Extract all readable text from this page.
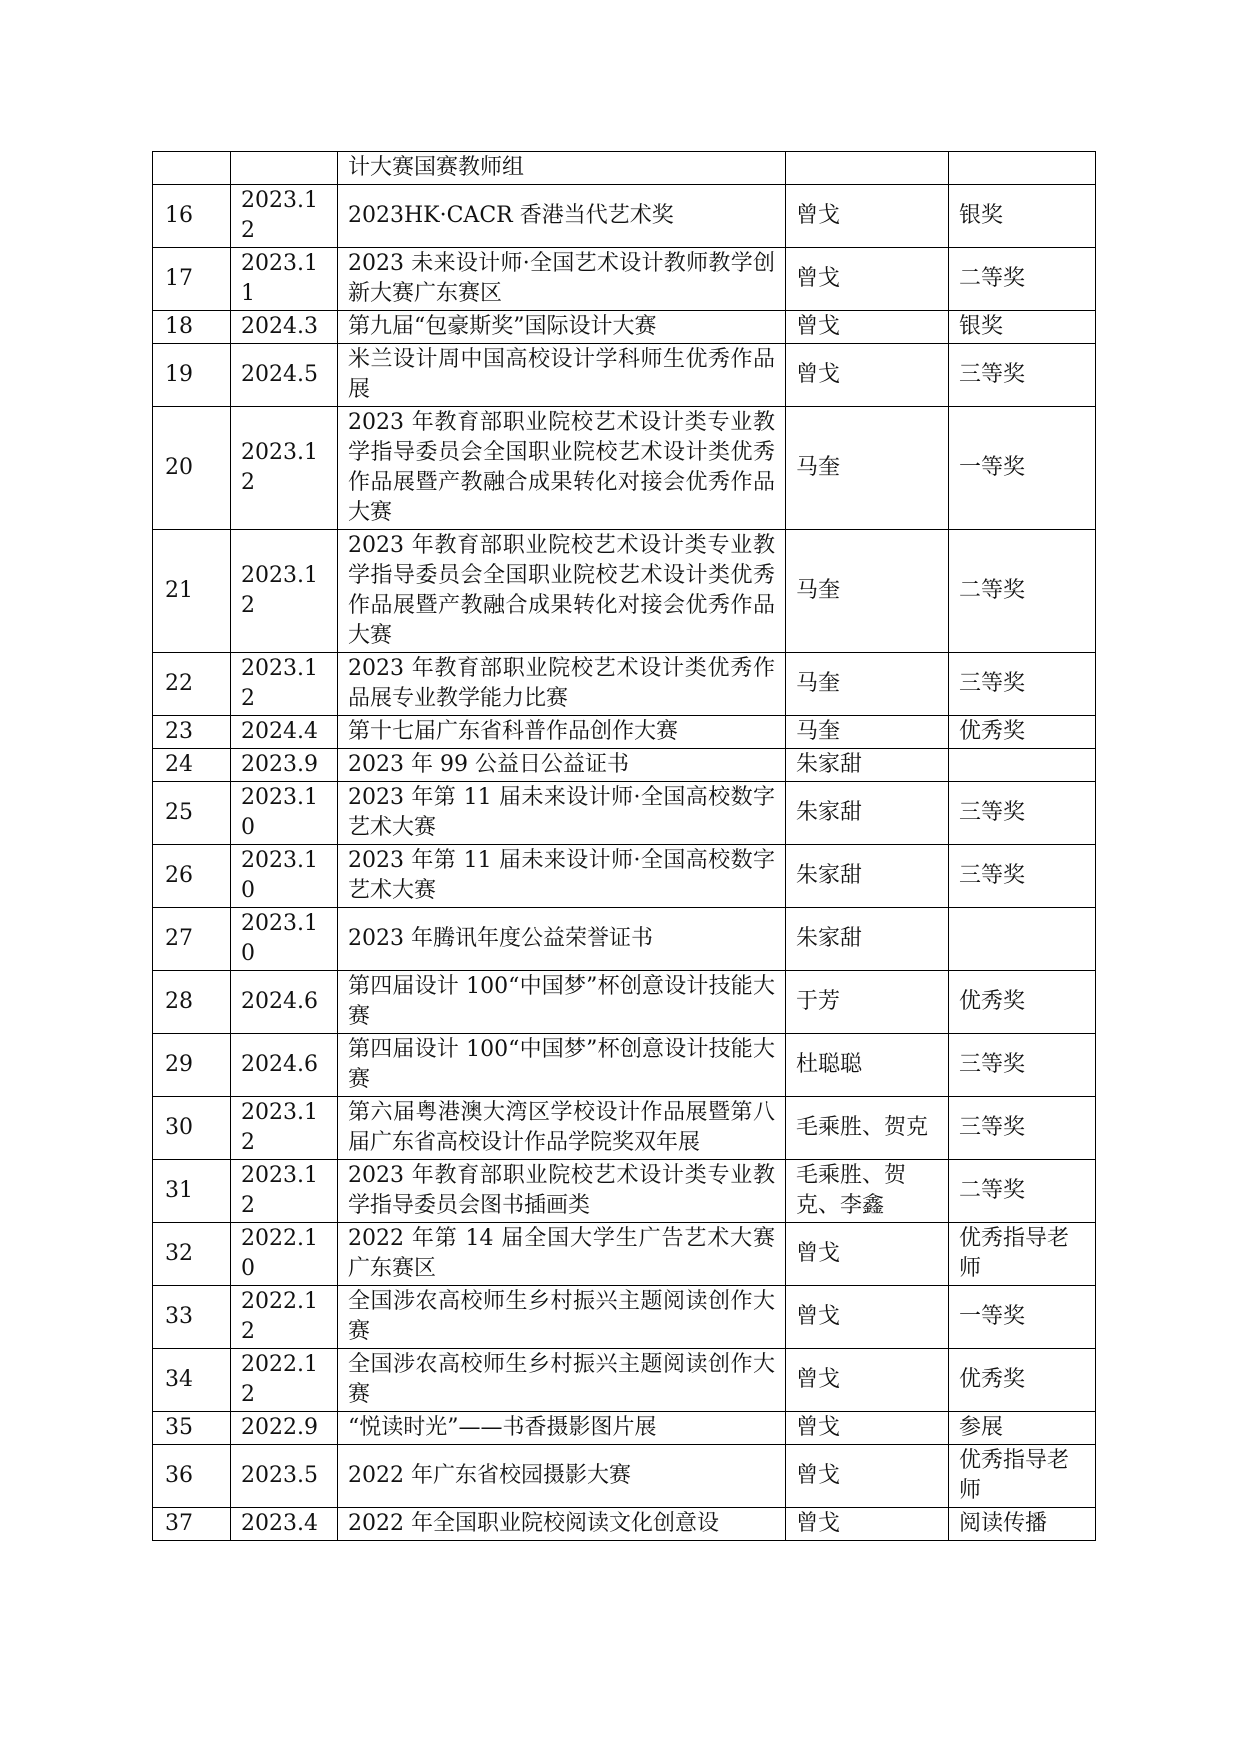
		计大赛国赛教师组		
16	2023.12	2023HK·CACR 香港当代艺术奖	曾戈	银奖
17	2023.11	2023 未来设计师·全国艺术设计教师教学创新大赛广东赛区	曾戈	二等奖
18	2024.3	第九届“包豪斯奖”国际设计大赛	曾戈	银奖
19	2024.5	米兰设计周中国高校设计学科师生优秀作品展	曾戈	三等奖
20	2023.12	2023 年教育部职业院校艺术设计类专业教学指导委员会全国职业院校艺术设计类优秀作品展暨产教融合成果转化对接会优秀作品大赛	马奎	一等奖
21	2023.12	2023 年教育部职业院校艺术设计类专业教学指导委员会全国职业院校艺术设计类优秀作品展暨产教融合成果转化对接会优秀作品大赛	马奎	二等奖
22	2023.12	2023 年教育部职业院校艺术设计类优秀作品展专业教学能力比赛	马奎	三等奖
23	2024.4	第十七届广东省科普作品创作大赛	马奎	优秀奖
24	2023.9	2023 年 99 公益日公益证书	朱家甜	
25	2023.10	2023 年第 11 届未来设计师·全国高校数字艺术大赛	朱家甜	三等奖
26	2023.10	2023 年第 11 届未来设计师·全国高校数字艺术大赛	朱家甜	三等奖
27	2023.10	2023 年腾讯年度公益荣誉证书	朱家甜	
28	2024.6	第四届设计 100“中国梦”杯创意设计技能大赛	于芳	优秀奖
29	2024.6	第四届设计 100“中国梦”杯创意设计技能大赛	杜聪聪	三等奖
30	2023.12	第六届粤港澳大湾区学校设计作品展暨第八届广东省高校设计作品学院奖双年展	毛乘胜、贺克	三等奖
31	2023.12	2023 年教育部职业院校艺术设计类专业教学指导委员会图书插画类	毛乘胜、贺克、李鑫	二等奖
32	2022.10	2022 年第 14 届全国大学生广告艺术大赛广东赛区	曾戈	优秀指导老师
33	2022.12	全国涉农高校师生乡村振兴主题阅读创作大赛	曾戈	一等奖
34	2022.12	全国涉农高校师生乡村振兴主题阅读创作大赛	曾戈	优秀奖
35	2022.9	“悦读时光”——书香摄影图片展	曾戈	参展
36	2023.5	2022 年广东省校园摄影大赛	曾戈	优秀指导老师
37	2023.4	2022 年全国职业院校阅读文化创意设	曾戈	阅读传播
